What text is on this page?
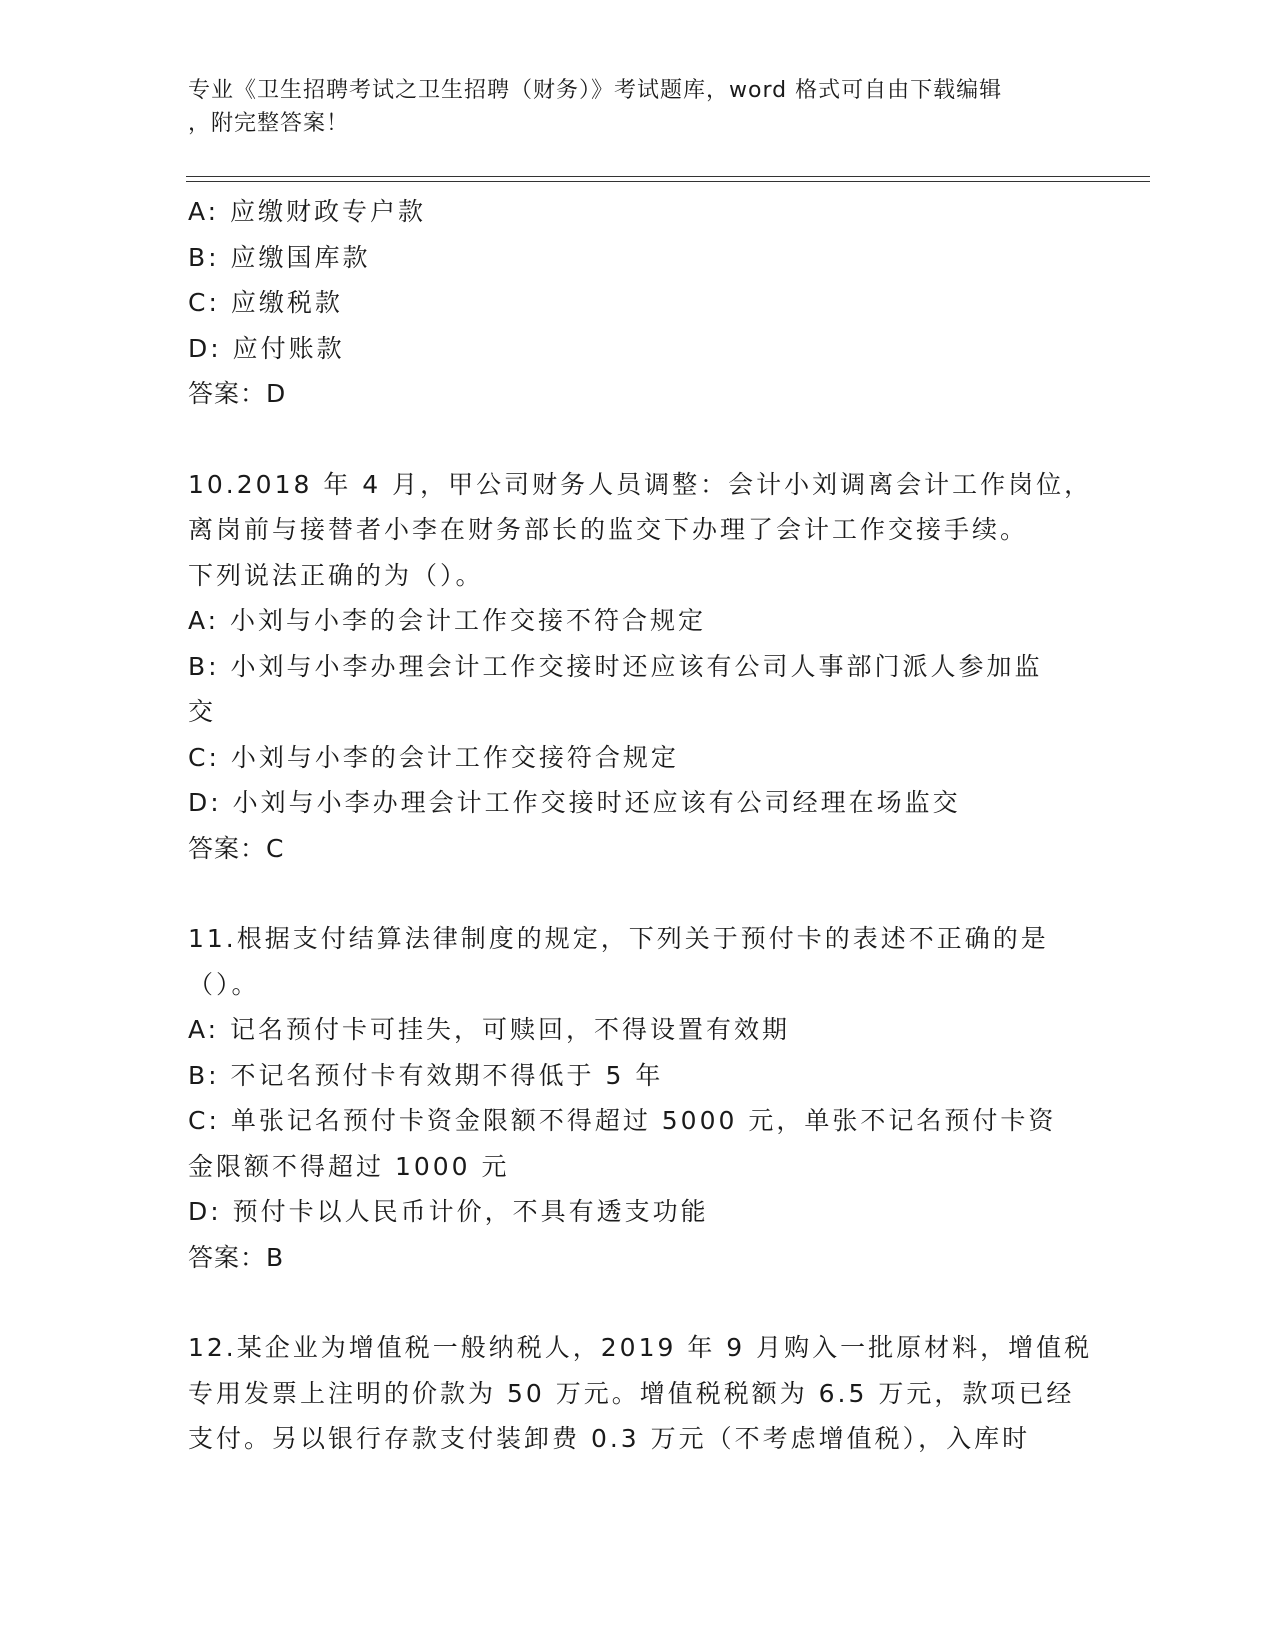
专业《卫生招聘考试之卫生招聘（财务）》考试题库，word 格式可自由下载编辑
，附完整答案！
A: 应缴财政专户款
B: 应缴国库款
C: 应缴税款
D: 应付账款
答案：D
10.2018 年 4 月，甲公司财务人员调整：会计小刘调离会计工作岗位，
离岗前与接替者小李在财务部长的监交下办理了会计工作交接手续。
下列说法正确的为（）。
A: 小刘与小李的会计工作交接不符合规定
B: 小刘与小李办理会计工作交接时还应该有公司人事部门派人参加监
交
C: 小刘与小李的会计工作交接符合规定
D: 小刘与小李办理会计工作交接时还应该有公司经理在场监交
答案：C
11.根据支付结算法律制度的规定，下列关于预付卡的表述不正确的是
（）。
A: 记名预付卡可挂失，可赎回，不得设置有效期
B: 不记名预付卡有效期不得低于 5 年
C: 单张记名预付卡资金限额不得超过 5000 元，单张不记名预付卡资
金限额不得超过 1000 元
D: 预付卡以人民币计价，不具有透支功能
答案：B
12.某企业为增值税一般纳税人，2019 年 9 月购入一批原材料，增值税
专用发票上注明的价款为 50 万元。增值税税额为 6.5 万元，款项已经
支付。另以银行存款支付装卸费 0.3 万元（不考虑增值税），入库时
